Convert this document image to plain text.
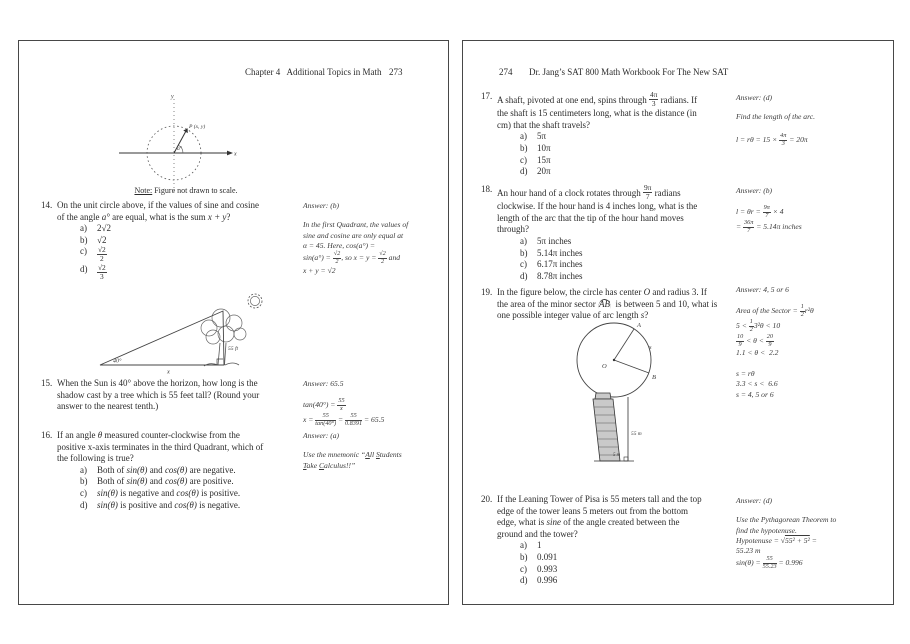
Chapter 4   Additional Topics in Math 273
y
x
P (x, y)
a°
Note: Figure not drawn to scale.
14. On the unit circle above, if the values of sine and cosine
of the angle a° are equal, what is the sum x + y?
a)	2√2
b)	√2
c)	$\frac{√2}{2}$
d)	$\frac{√2}{3}$
Answer: (b)
In the first Quadrant, the values of
sine and cosine are only equal at
α = 45. Here, cos(a°) =
$\sin(a^\circ) = \frac{√2}{2}$ , so $x = y = \frac{√2}{2}$ and
x + y = √2
40°
x
55 ft
15. When the Sun is 40° above the horizon, how long is the
shadow cast by a tree which is 55 feet tall? (Round your
answer to the nearest tenth.)
Answer: 65.5
$\tan(40^\circ) = \frac{55}{x}$
$x = \frac{55}{\tan(40^\circ)} = \frac{55}{0.8391} = 65.5$
16. If an angle θ measured counter-clockwise from the
positive x-axis terminates in the third Quadrant, which of
the following is true?
a)	Both of sin(θ) and cos(θ) are negative.
b)	Both of sin(θ) and cos(θ) are positive.
c)	sin(θ) is negative and cos(θ) is positive.
d)	sin(θ) is positive and cos(θ) is negative.
Answer: (a)
Use the mnemonic “All Students
Take Calculus!!”
274 Dr. Jang’s SAT 800 Math Workbook For The New SAT
17. A shaft, pivoted at one end, spins through $\frac{4\pi}{3}$ radians. If
the shaft is 15 centimeters long, what is the distance (in
cm) that the shaft travels?
a)	5π
b)	10π
c)	15π
d)	20π
Answer: (d)
Find the length of the arc.
$l = r\theta = 15 \times \frac{4\pi}{3} = 20\pi$
18. An hour hand of a clock rotates through $\frac{9\pi}{7}$ radians
clockwise. If the hour hand is 4 inches long, what is the
length of the arc that the tip of the hour hand moves
through?
a)	5π inches
b)	5.14π inches
c)	6.17π inches
d)	8.78π inches
Answer: (b)
$l = \theta r = \frac{9\pi}{7} \times 4$
= $\frac{36\pi}{7} = 5.14\pi$ inches
19. In the figure below, the circle has center O and radius 3. If
the area of the minor sector AB  is between 5 and 10, what is
one possible integer value of arc length s?
Answer: 4, 5 or 6
Area of the Sector = $\frac{1}{2} r^2\theta$
$5 < \frac{1}{2} 3^2\theta < 10$
$\frac{10}{9} < \theta < \frac{20}{9}$
1.1 < θ <  2.2
s = rθ
3.3 < s <  6.6
s = 4, 5 or 6
A
s
B
O
55 m
5 m
20. If the Leaning Tower of Pisa is 55 meters tall and the top
edge of the tower leans 5 meters out from the bottom
edge, what is sine of the angle created between the
ground and the tower?
a)	1
b)	0.091
c)	0.993
d)	0.996
Answer: (d)
Use the Pythagorean Theorem to
find the hypotenuse.
Hypotenuse = √55² + 5² =
55.23 m
$\sin(\theta) = \frac{55}{55.23} = 0.996$
